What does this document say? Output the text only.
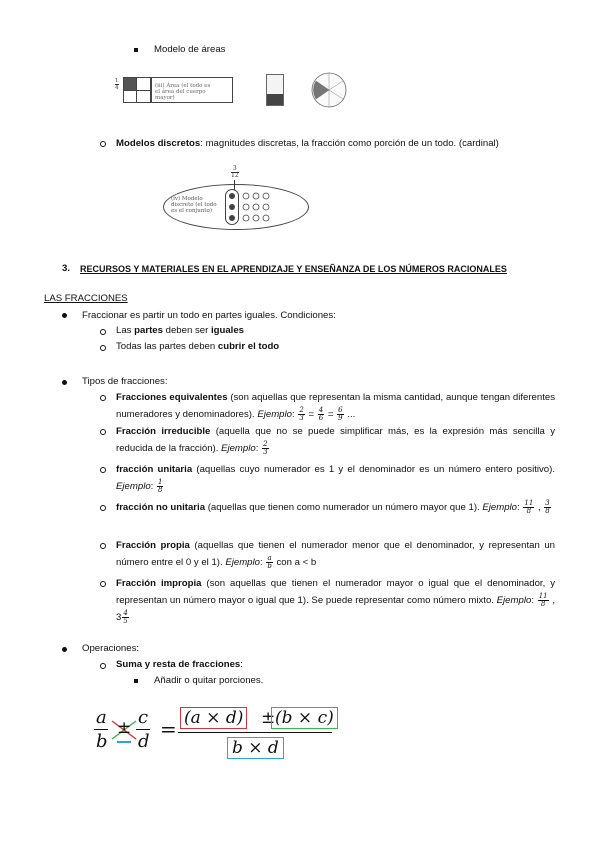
Modelo de áreas
1
4	(iii) Área (el todo es el área del cuerpo mayor)
Modelos discretos: magnitudes discretas, la fracción como porción de un todo. (cardinal)
3
12
(iv) Modelo discreto (el todo es el conjunto)
3. RECURSOS Y MATERIALES EN EL APRENDIZAJE Y ENSEÑANZA DE LOS NÚMEROS RACIONALES
LAS FRACCIONES
Fraccionar es partir un todo en partes iguales. Condiciones:
Las partes deben ser iguales
Todas las partes deben cubrir el todo
Tipos de fracciones:
Fracciones equivalentes (son aquellas que representan la misma cantidad, aunque tengan diferentes numeradores y denominadores). Ejemplo: $\frac{2}{3} = \frac{4}{6} = \frac{6}{9}$ ...
Fracción irreducible (aquella que no se puede simplificar más, es la expresión más sencilla y reducida de la fracción). Ejemplo: $\frac{2}{3}$
fracción unitaria (aquellas cuyo numerador es 1 y el denominador es un número entero positivo). Ejemplo: $\frac{1}{8}$
fracción no unitaria (aquellas que tienen como numerador un número mayor que 1). Ejemplo: $\frac{11}{8}$ , $\frac{3}{8}$
Fracción propia (aquellas que tienen el numerador menor que el denominador, y representan un número entre el 0 y el 1). Ejemplo: $\frac{a}{b}$ con a < b
Fracción impropia (son aquellas que tienen el numerador mayor o igual que el denominador, y representan un número mayor o igual que 1). Se puede representar como número mixto. Ejemplo: $\frac{11}{8}$ , $3 \frac{4}{5}$
Operaciones:
Suma y resta de fracciones:
Añadir o quitar porciones.
a
b
± c
d
= (a × d) ± (b × c)
b × d
